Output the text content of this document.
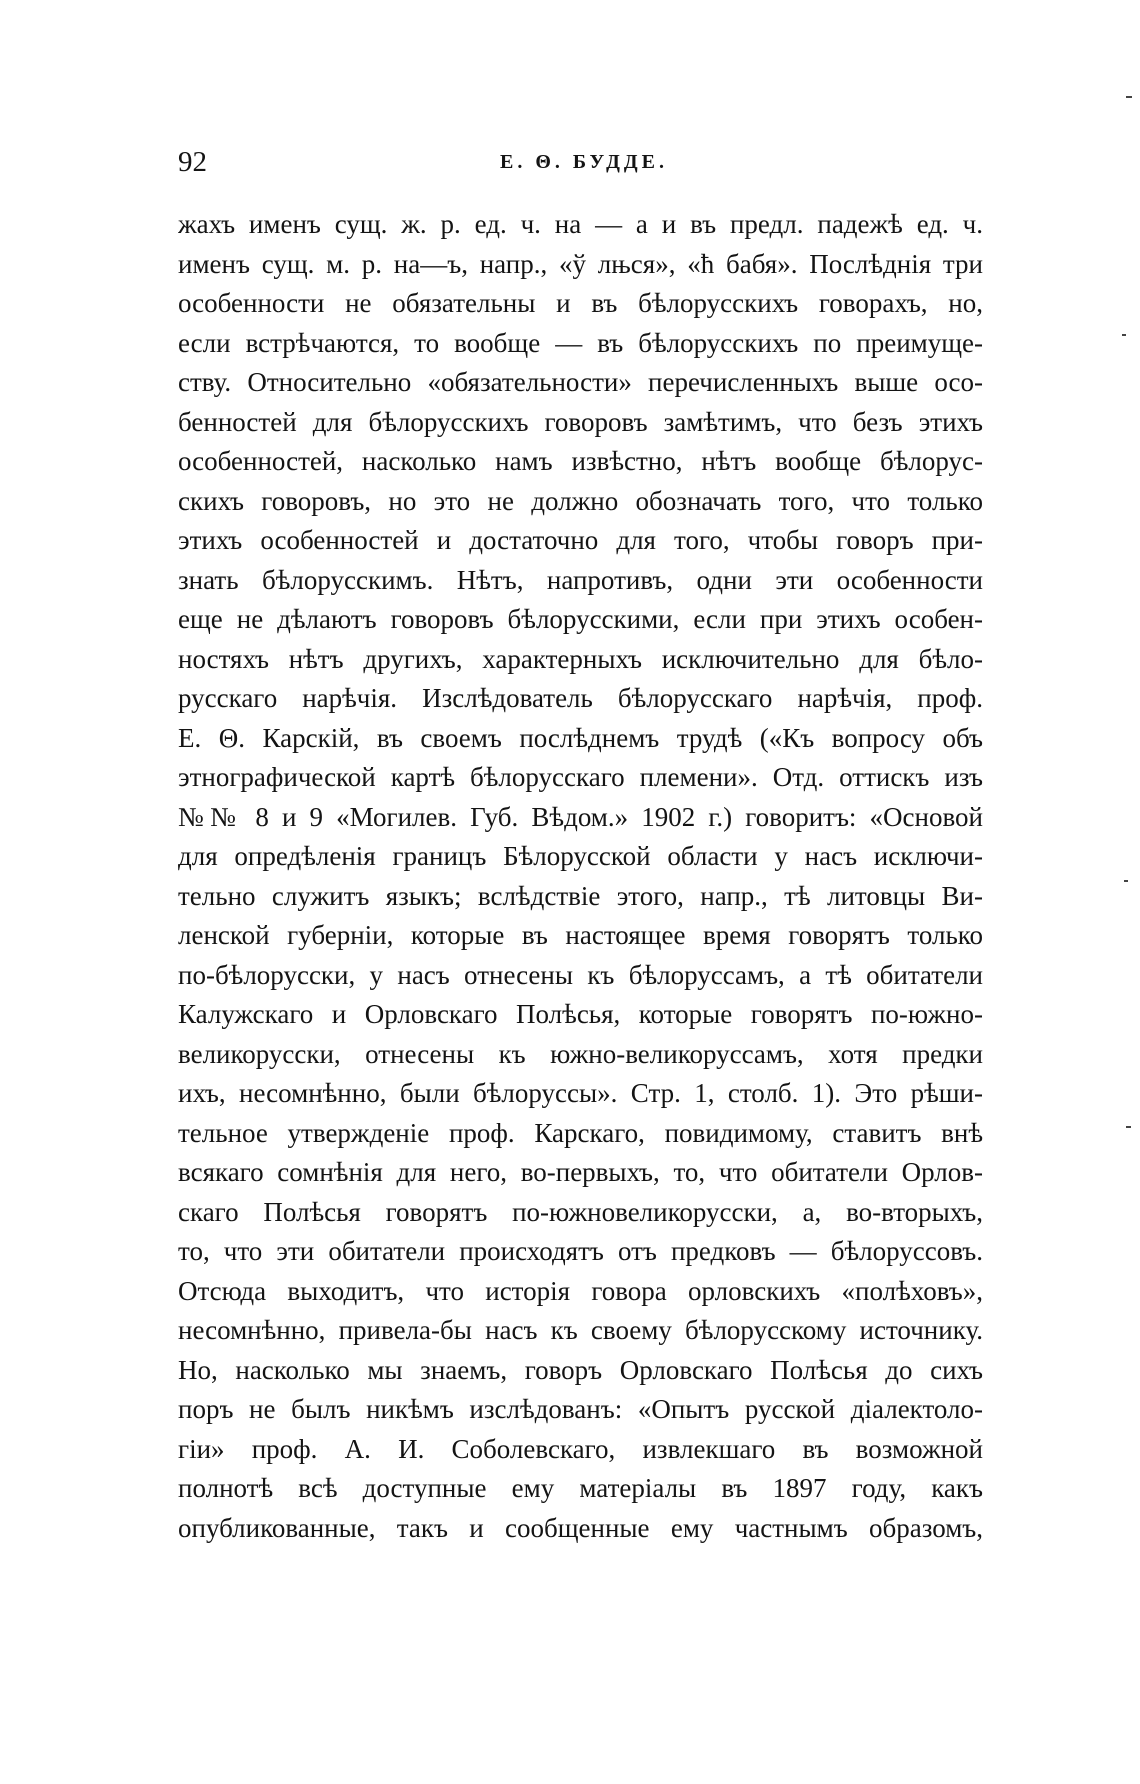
92	Е. Θ. БУДДЕ.
жахъ именъ сущ. ж. р. ед. ч. на — а и въ предл. падежѣ ед. ч.
именъ сущ. м. р. на—ъ, напр., «ў лњся», «ћ бабя». Послѣднія три
особенности не обязательны и въ бѣлорусскихъ говорахъ, но,
если встрѣчаются, то вообще — въ бѣлорусскихъ по преимуще-
ству. Относительно «обязательности» перечисленныхъ выше осо-
бенностей для бѣлорусскихъ говоровъ замѣтимъ, что безъ этихъ
особенностей, насколько намъ извѣстно, нѣтъ вообще бѣлорус-
скихъ говоровъ, но это не должно обозначать того, что только
этихъ особенностей и достаточно для того, чтобы говоръ при-
знать бѣлорусскимъ. Нѣтъ, напротивъ, одни эти особенности
еще не дѣлаютъ говоровъ бѣлорусскими, если при этихъ особен-
ностяхъ нѣтъ другихъ, характерныхъ исключительно для бѣло-
русскаго нарѣчія. Изслѣдователь бѣлорусскаго нарѣчія, проф.
Е. Θ. Карскій, въ своемъ послѣднемъ трудѣ («Къ вопросу объ
этнографической картѣ бѣлорусскаго племени». Отд. оттискъ изъ
№№ 8 и 9 «Могилев. Губ. Вѣдом.» 1902 г.) говоритъ: «Основой
для опредѣленія границъ Бѣлорусской области у насъ исключи-
тельно служитъ языкъ; вслѣдствіе этого, напр., тѣ литовцы Ви-
ленской губерніи, которые въ настоящее время говорятъ только
по-бѣлорусски, у насъ отнесены къ бѣлоруссамъ, а тѣ обитатели
Калужскаго и Орловскаго Полѣсья, которые говорятъ по-южно-
великорусски, отнесены къ южно-великоруссамъ, хотя предки
ихъ, несомнѣнно, были бѣлоруссы». Стр. 1, столб. 1). Это рѣши-
тельное утвержденіе проф. Карскаго, повидимому, ставитъ внѣ
всякаго сомнѣнія для него, во-первыхъ, то, что обитатели Орлов-
скаго Полѣсья говорятъ по-южновеликорусски, а, во-вторыхъ,
то, что эти обитатели происходятъ отъ предковъ — бѣлоруссовъ.
Отсюда выходитъ, что исторія говора орловскихъ «полѣховъ»,
несомнѣнно, привела-бы насъ къ своему бѣлорусскому источнику.
Но, насколько мы знаемъ, говоръ Орловскаго Полѣсья до сихъ
поръ не былъ никѣмъ изслѣдованъ: «Опытъ русской діалектоло-
гіи» проф. А. И. Соболевскаго, извлекшаго въ возможной
полнотѣ всѣ доступные ему матеріалы въ 1897 году, какъ
опубликованные, такъ и сообщенные ему частнымъ образомъ,
